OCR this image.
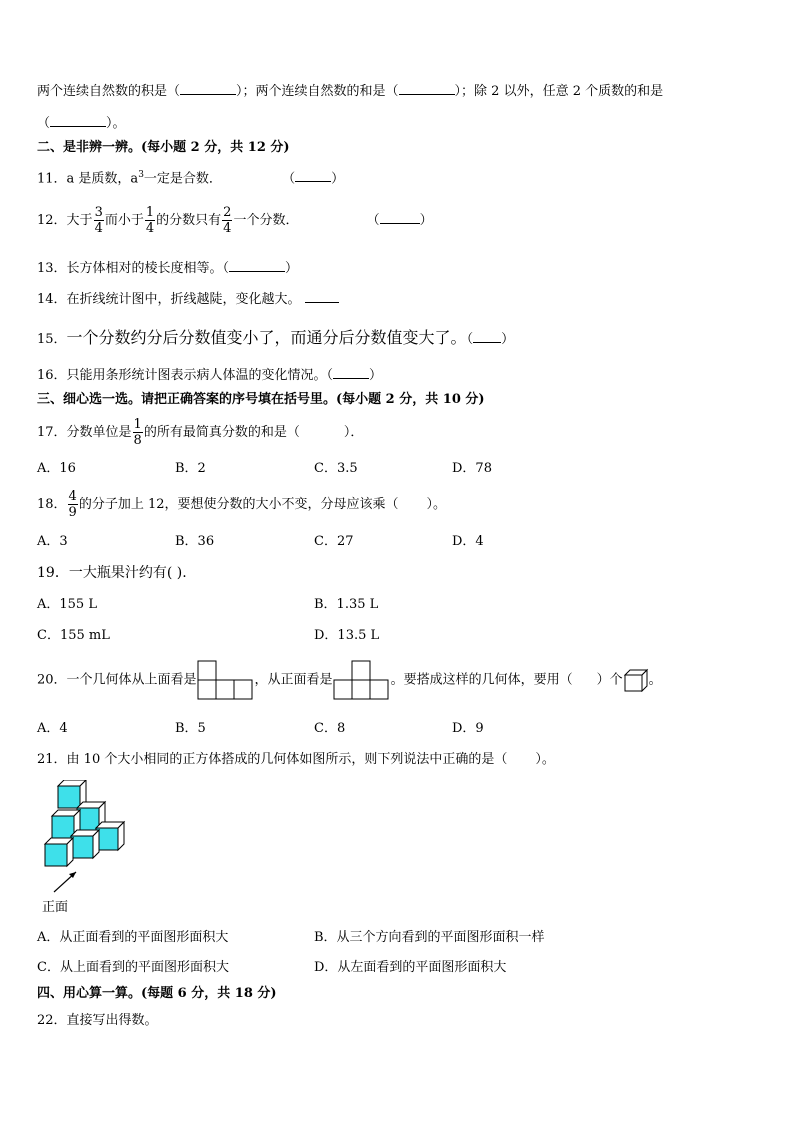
两个连续自然数的积是（	）；两个连续自然数的和是（	）；除 2 以外，任意 2 个质数的和是
（	）。
二、是非辨一辨。(每小题 2 分，共 12 分)
11．a 是质数，$a^3$一定是合数．	（	）
12．大于 $\frac{3}{4}$ 而小于 $\frac{1}{4}$ 的分数只有 $\frac{2}{4}$ 一个分数．	（	）
13．长方体相对的棱长度相等。（	）
14．在折线统计图中，折线越陡，变化越大。
15．一个分数约分后分数值变小了，而通分后分数值变大了。（ ）
16．只能用条形统计图表示病人体温的变化情况。（	）
三、细心选一选。请把正确答案的序号填在括号里。(每小题 2 分，共 10 分)
17．分数单位是 $\frac{1}{8}$ 的所有最简真分数的和是（	）．
A．16	B．2	C．3.5	D．78
18． $\frac{4}{9}$ 的分子加上 12，要想使分数的大小不变，分母应该乘（ ）。
A．3	B．36	C．27	D．4
19．一大瓶果汁约有( ).
A．155 L	B．1.35 L
C．155 mL	D．13.5 L
20．一个几何体从上面看是	，从正面看是	。要搭成这样的几何体，要用（ ）个 。
A．4	B．5	C．8	D．9
21．由 10 个大小相同的正方体搭成的几何体如图所示，则下列说法中正确的是（ ）。
正面
A．从正面看到的平面图形面积大	B．从三个方向看到的平面图形面积一样
C．从上面看到的平面图形面积大	D．从左面看到的平面图形面积大
四、用心算一算。(每题 6 分，共 18 分)
22．直接写出得数。
